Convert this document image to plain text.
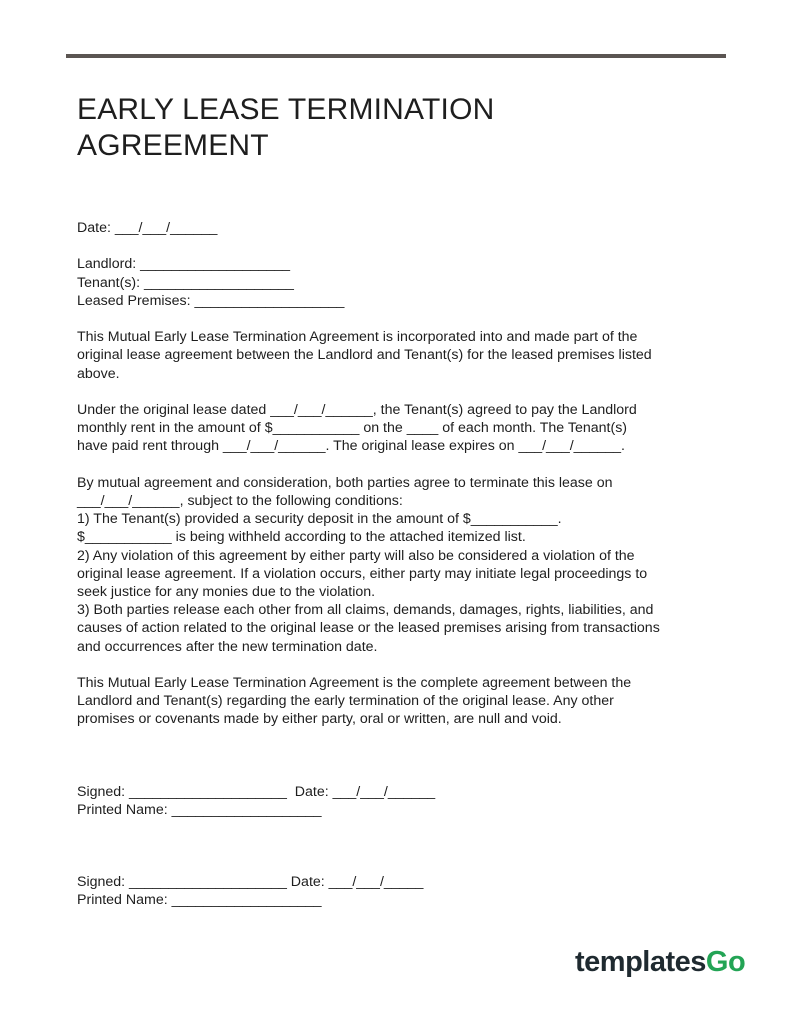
EARLY LEASE TERMINATION
AGREEMENT

Date: ___/___/______

Landlord: ___________________

Tenant(s): ___________________

Leased Premises: ___________________

This Mutual Early Lease Termination Agreement is incorporated into and made part of the

original lease agreement between the Landlord and Tenant(s) for the leased premises listed

above.

Under the original lease dated ___/___/______, the Tenant(s) agreed to pay the Landlord

monthly rent in the amount of $___________ on the ____ of each month. The Tenant(s)

have paid rent through ___/___/______. The original lease expires on ___/___/______.

By mutual agreement and consideration, both parties agree to terminate this lease on

___/___/______, subject to the following conditions:

1) The Tenant(s) provided a security deposit in the amount of $___________.

$___________ is being withheld according to the attached itemized list.

2) Any violation of this agreement by either party will also be considered a violation of the

original lease agreement. If a violation occurs, either party may initiate legal proceedings to

seek justice for any monies due to the violation.

3) Both parties release each other from all claims, demands, damages, rights, liabilities, and

causes of action related to the original lease or the leased premises arising from transactions

and occurrences after the new termination date.

This Mutual Early Lease Termination Agreement is the complete agreement between the

Landlord and Tenant(s) regarding the early termination of the original lease. Any other

promises or covenants made by either party, oral or written, are null and void.

Signed: ____________________  Date: ___/___/______

Printed Name: ___________________

Signed: ____________________ Date: ___/___/_____

Printed Name: ___________________

templatesGo
